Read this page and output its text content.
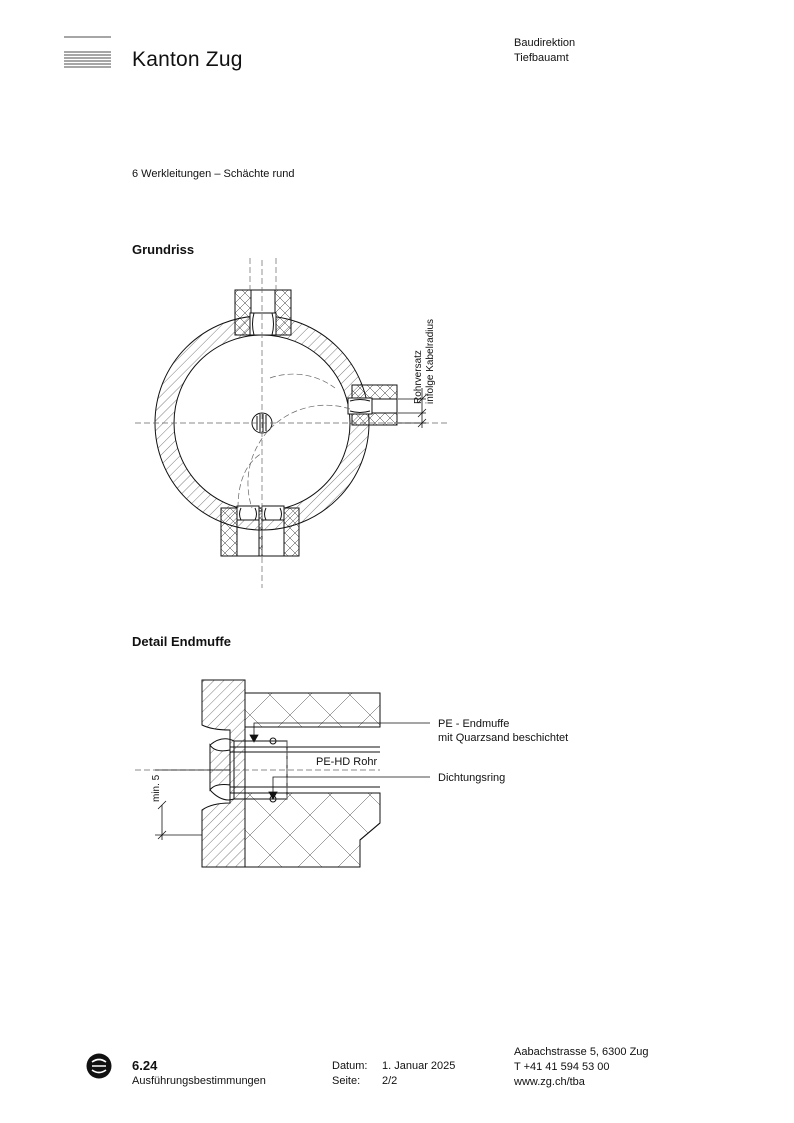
Kanton Zug
Baudirektion
Tiefbauamt
6 Werkleitungen – Schächte rund
Grundriss
Rohrversatz infolge Kabelradius
Detail Endmuffe
min. 5
PE - Endmuffe
mit Quarzsand beschichtet
PE-HD Rohr
Dichtungsring
6.24
Ausführungsbestimmungen
Datum: 1. Januar 2025
Seite: 2/2
Aabachstrasse 5, 6300 Zug
T +41 41 594 53 00
www.zg.ch/tba
